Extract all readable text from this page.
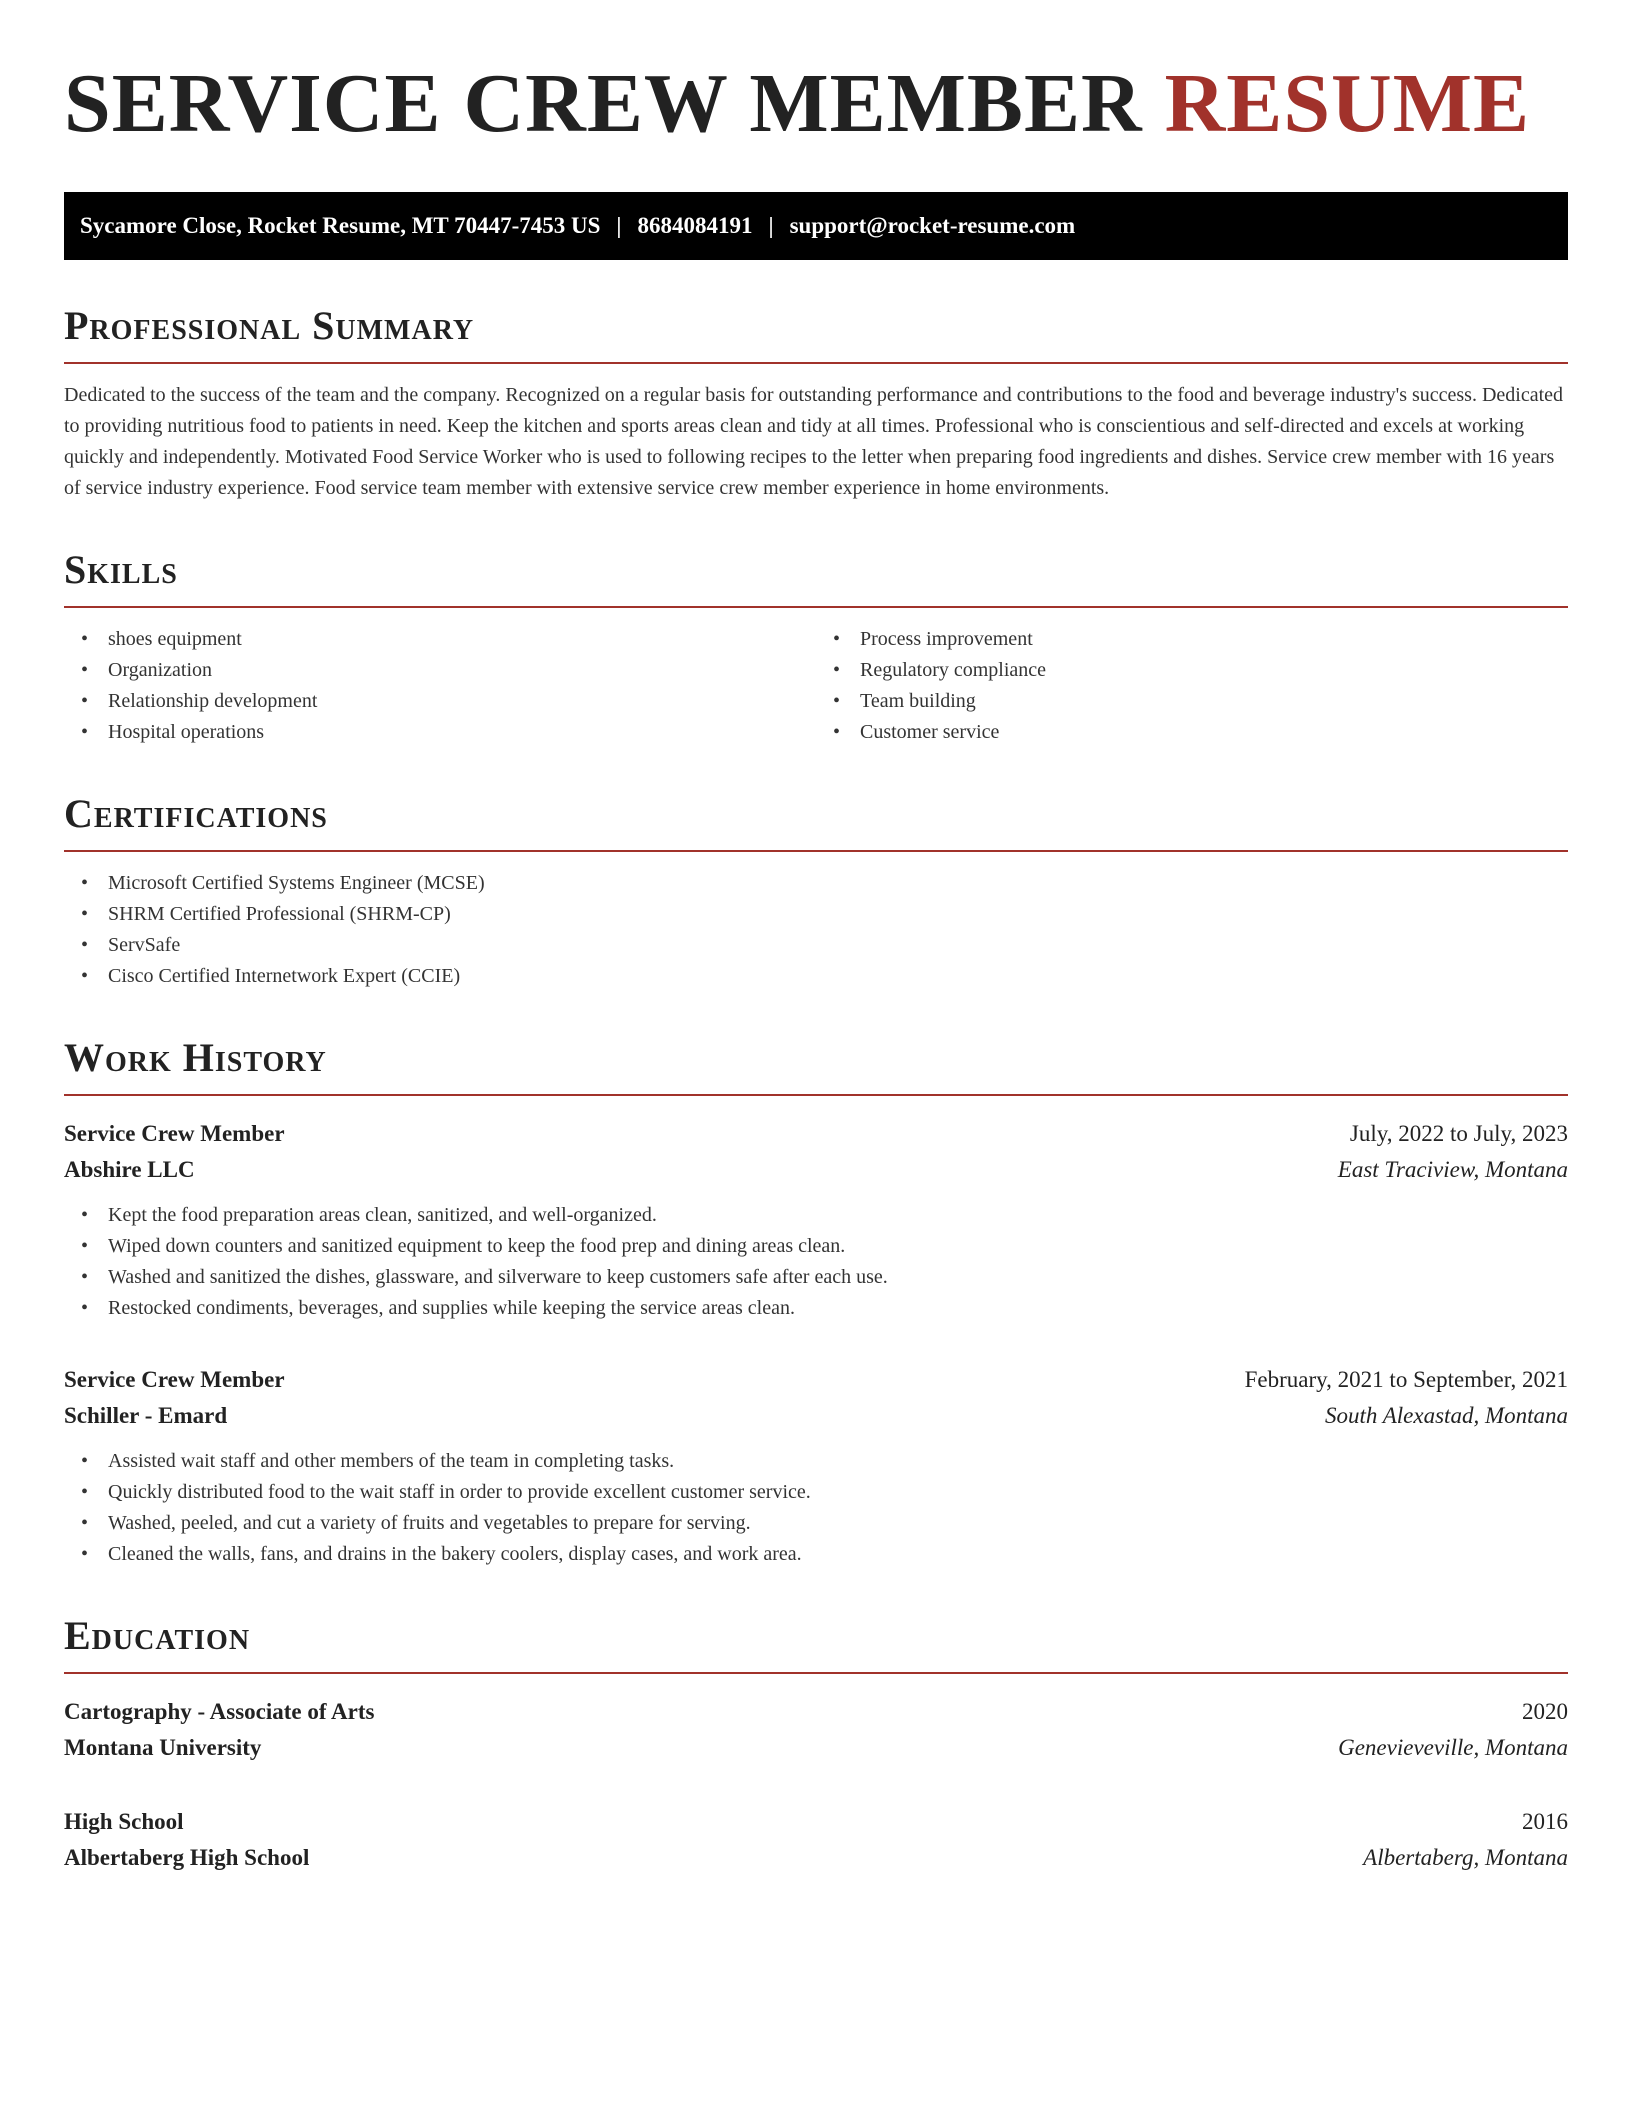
SERVICE CREW MEMBER RESUME
Sycamore Close, Rocket Resume, MT 70447-7453 US | 8684084191 | support@rocket-resume.com
Professional Summary

Dedicated to the success of the team and the company. Recognized on a regular basis for outstanding performance and contributions to the food and beverage industry's success. Dedicated to providing nutritious food to patients in need. Keep the kitchen and sports areas clean and tidy at all times. Professional who is conscientious and self-directed and excels at working quickly and independently. Motivated Food Service Worker who is used to following recipes to the letter when preparing food ingredients and dishes. Service crew member with 16 years of service industry experience. Food service team member with extensive service crew member experience in home environments.

Skills
• shoes equipment
• Organization
• Relationship development
• Hospital operations
• Process improvement
• Regulatory compliance
• Team building
• Customer service
Certifications
• Microsoft Certified Systems Engineer (MCSE)
• SHRM Certified Professional (SHRM-CP)
• ServSafe
• Cisco Certified Internetwork Expert (CCIE)
Work History
Service Crew Member	July, 2022 to July, 2023
Abshire LLC	East Traciview, Montana
• Kept the food preparation areas clean, sanitized, and well-organized.
• Wiped down counters and sanitized equipment to keep the food prep and dining areas clean.
• Washed and sanitized the dishes, glassware, and silverware to keep customers safe after each use.
• Restocked condiments, beverages, and supplies while keeping the service areas clean.
Service Crew Member	February, 2021 to September, 2021
Schiller - Emard	South Alexastad, Montana
• Assisted wait staff and other members of the team in completing tasks.
• Quickly distributed food to the wait staff in order to provide excellent customer service.
• Washed, peeled, and cut a variety of fruits and vegetables to prepare for serving.
• Cleaned the walls, fans, and drains in the bakery coolers, display cases, and work area.
Education
Cartography - Associate of Arts	2020
Montana University	Genevieveville, Montana
High School	2016
Albertaberg High School	Albertaberg, Montana
